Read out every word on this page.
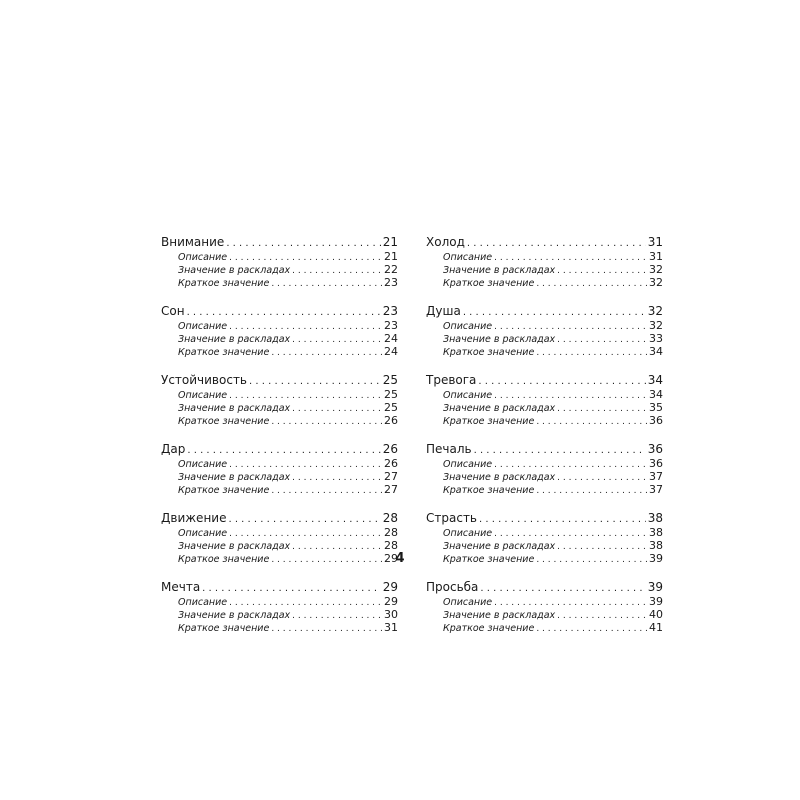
Внимание . . .	21
Описание . . .	21
Значение в раскладах . . .	22
Краткое значение . . .	23
Сон . . .	23
Описание . . .	23
Значение в раскладах . . .	24
Краткое значение . . .	24
Устойчивость . . .	25
Описание . . .	25
Значение в раскладах . . .	25
Краткое значение . . .	26
Дар . . .	26
Описание . . .	26
Значение в раскладах . . .	27
Краткое значение . . .	27
Движение . . .	28
Описание . . .	28
Значение в раскладах . . .	28
Краткое значение . . .	29
Мечта . . .	29
Описание . . .	29
Значение в раскладах . . .	30
Краткое значение . . .	31
Холод . . .	31
Описание . . .	31
Значение в раскладах . . .	32
Краткое значение . . .	32
Душа . . .	32
Описание . . .	32
Значение в раскладах . . .	33
Краткое значение . . .	34
Тревога . . .	34
Описание . . .	34
Значение в раскладах . . .	35
Краткое значение . . .	36
Печаль . . .	36
Описание . . .	36
Значение в раскладах . . .	37
Краткое значение . . .	37
Страсть . . .	38
Описание . . .	38
Значение в раскладах . . .	38
Краткое значение . . .	39
Просьба . . .	39
Описание . . .	39
Значение в раскладах . . .	40
Краткое значение . . .	41
4
